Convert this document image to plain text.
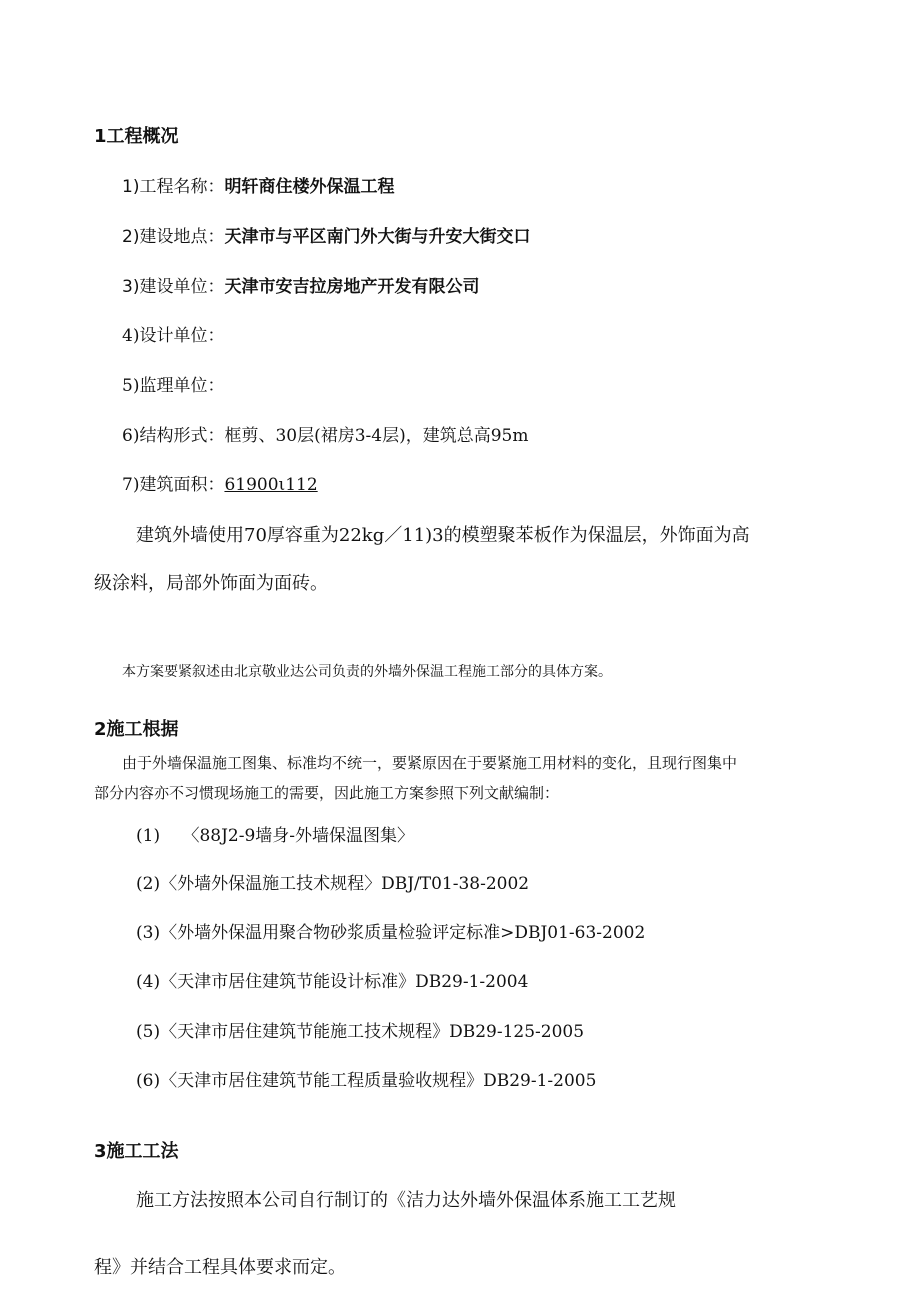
1工程概况
1)工程名称：明轩商住楼外保温工程
2)建设地点：天津市与平区南门外大街与升安大街交口
3)建设单位：天津市安吉拉房地产开发有限公司
4)设计单位：
5)监理单位：
6)结构形式：框剪、30层(裙房3-4层)，建筑总高95m
7)建筑面积：61900ι112
建筑外墙使用70厚容重为22kg／11)3的模塑聚苯板作为保温层，外饰面为高
级涂料，局部外饰面为面砖。
本方案要紧叙述由北京敬业达公司负责的外墙外保温工程施工部分的具体方案。
2施工根据
由于外墙保温施工图集、标准均不统一，要紧原因在于要紧施工用材料的变化，且现行图集中
部分内容亦不习惯现场施工的需要，因此施工方案参照下列文献编制：
(1)　 〈88J2-9墙身-外墙保温图集〉
(2)〈外墙外保温施工技术规程〉DBJ/T01-38-2002
(3)〈外墙外保温用聚合物砂浆质量检验评定标准>DBJ01-63-2002
(4)〈天津市居住建筑节能设计标准》DB29-1-2004
(5)〈天津市居住建筑节能施工技术规程》DB29-125-2005
(6)〈天津市居住建筑节能工程质量验收规程》DB29-1-2005
3施工工法
施工方法按照本公司自行制订的《洁力达外墙外保温体系施工工艺规
程》并结合工程具体要求而定。
